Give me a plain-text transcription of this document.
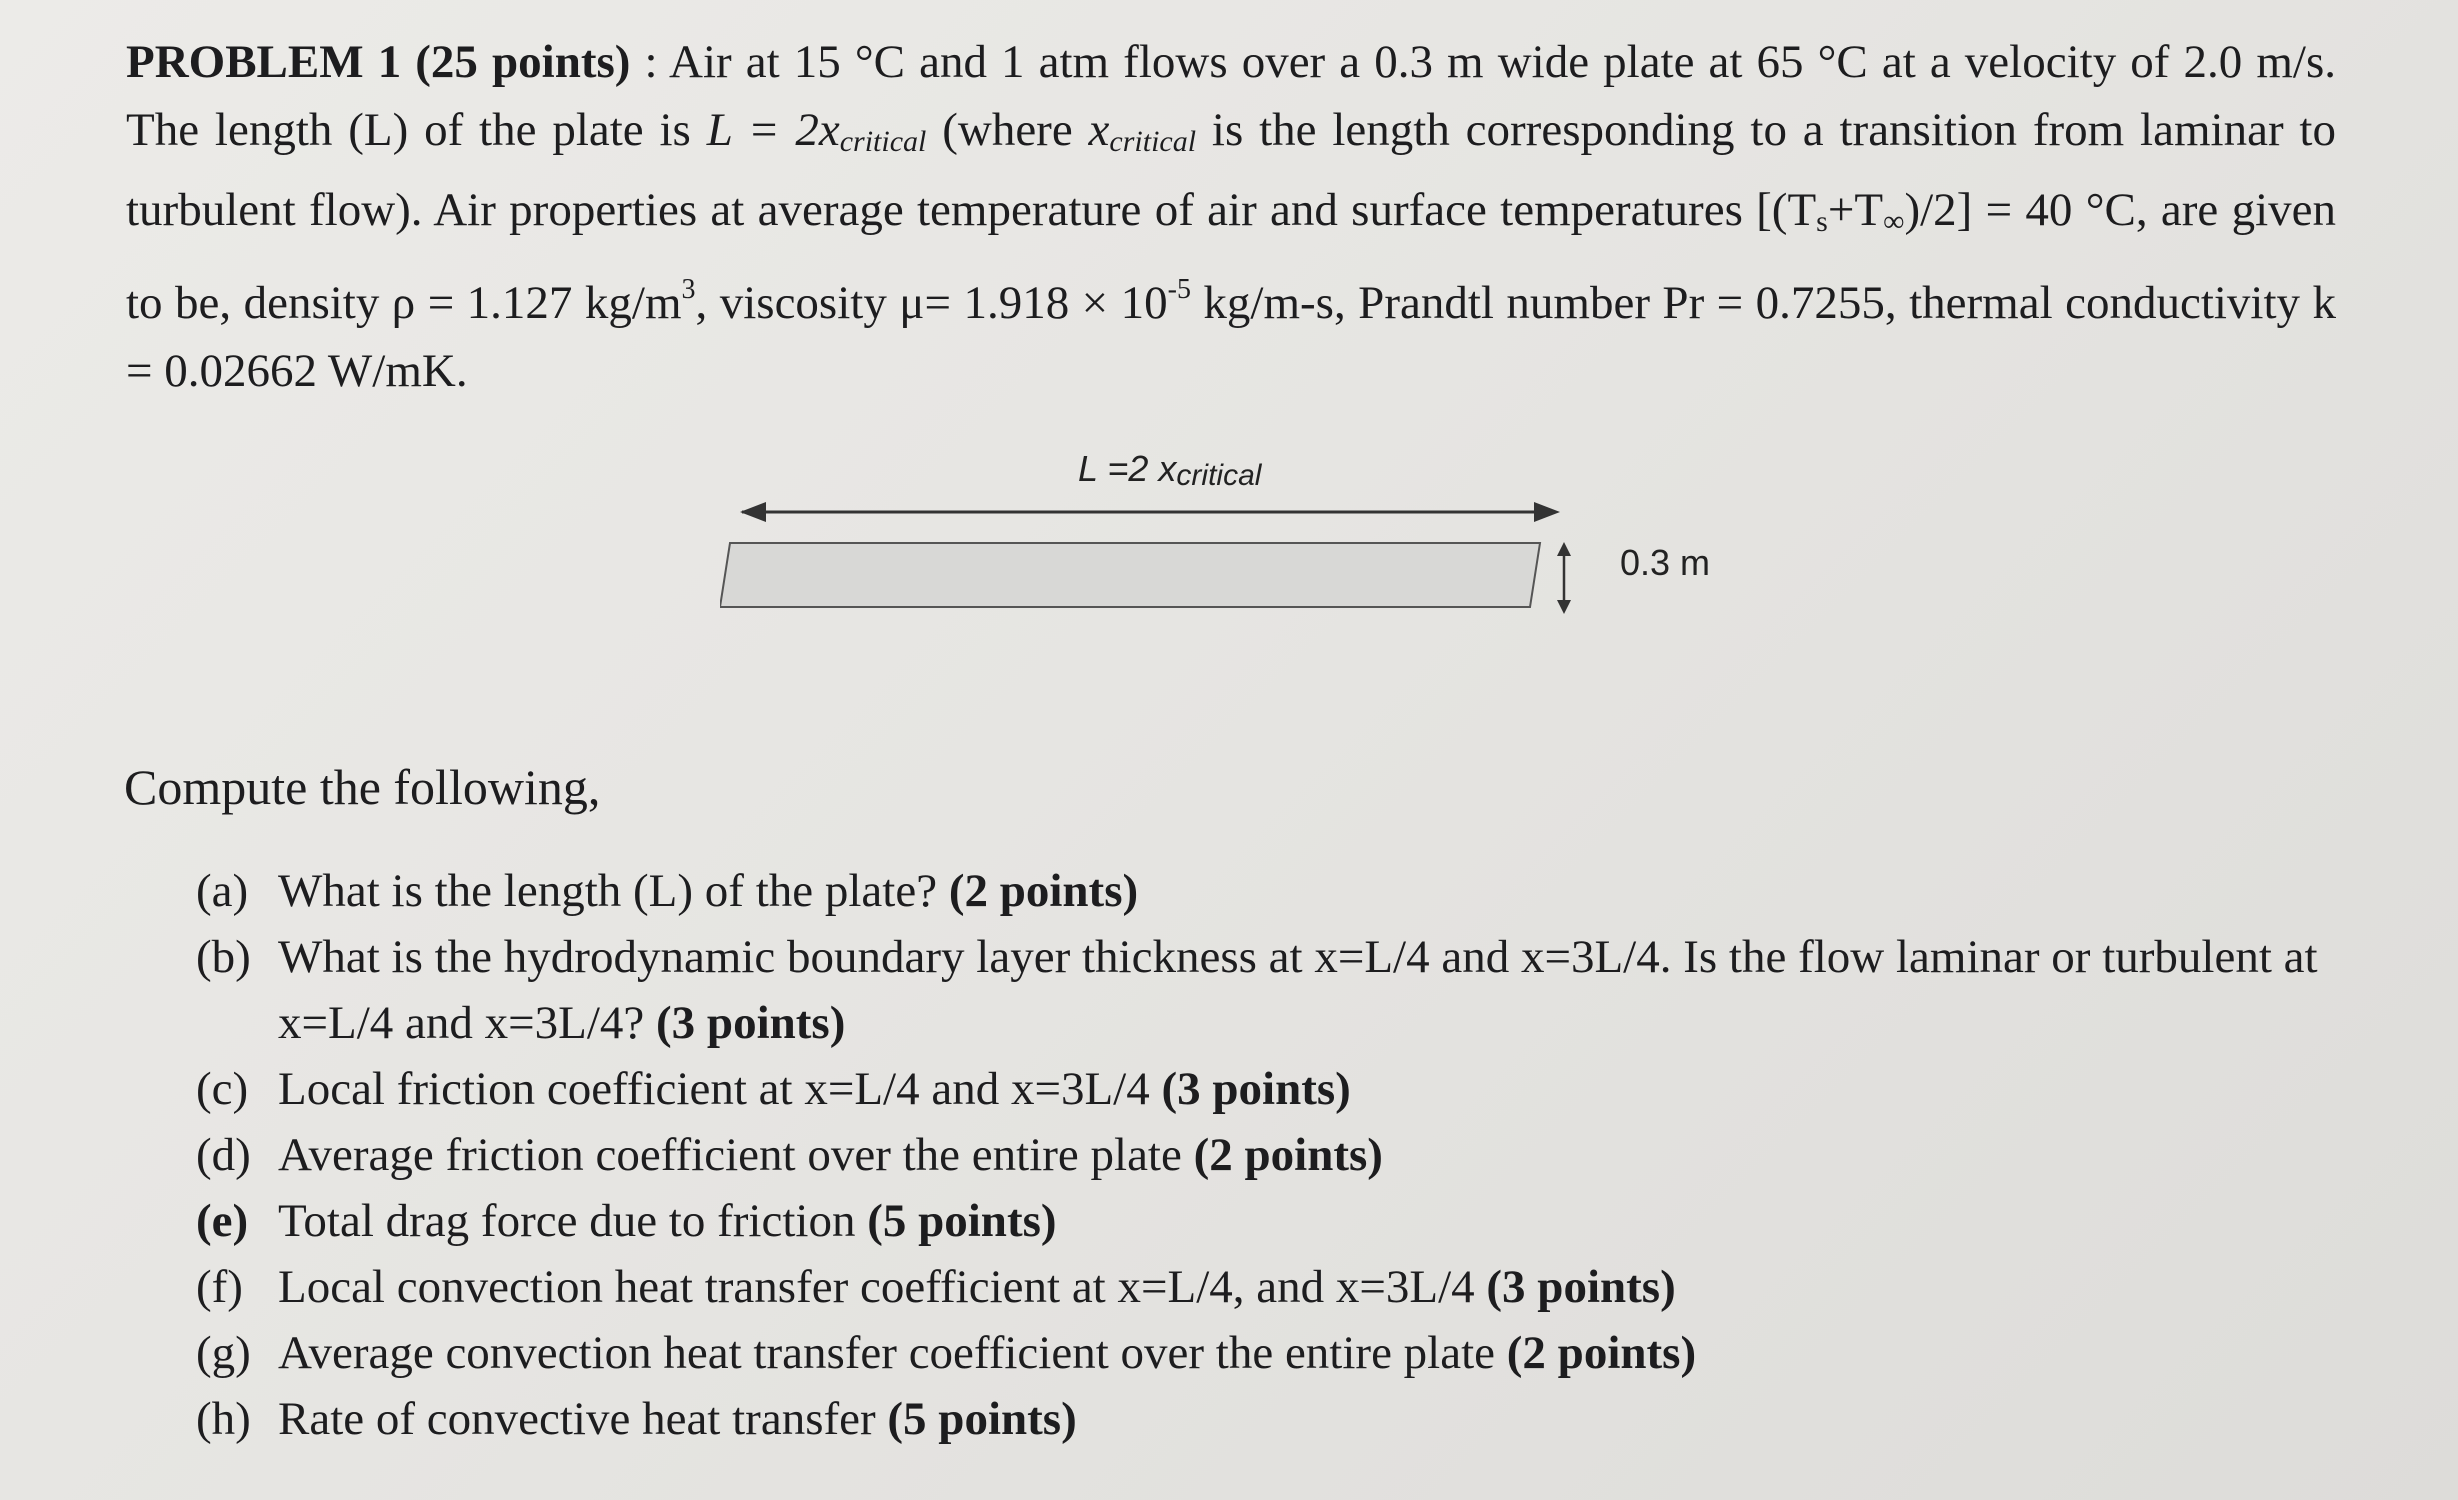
PROBLEM 1 (25 points) : Air at 15 °C and 1 atm flows over a 0.3 m wide plate at 65 °C at a velocity of 2.0 m/s. The length (L) of the plate is $L = 2x_{critical}$ (where $x_{critical}$ is the length corresponding to a transition from laminar to turbulent flow). Air properties at average temperature of air and surface temperatures [(Ts+T∞)/2] = 40 °C, are given to be, density ρ = 1.127 $kg/m^3$, viscosity $\mu= 1.918 \times 10^{-5}$ kg/m-s, Prandtl number Pr = 0.7255, thermal conductivity k = 0.02662 W/mK.
L =2 xcritical
0.3 m
Compute the following,
(a) What is the length (L) of the plate? (2 points)
(b) What is the hydrodynamic boundary layer thickness at x=L/4 and x=3L/4. Is the flow laminar or turbulent at x=L/4 and x=3L/4? (3 points)
(c) Local friction coefficient at x=L/4 and x=3L/4 (3 points)
(d) Average friction coefficient over the entire plate (2 points)
(e) Total drag force due to friction (5 points)
(f) Local convection heat transfer coefficient at x=L/4, and x=3L/4 (3 points)
(g) Average convection heat transfer coefficient over the entire plate (2 points)
(h) Rate of convective heat transfer (5 points)
